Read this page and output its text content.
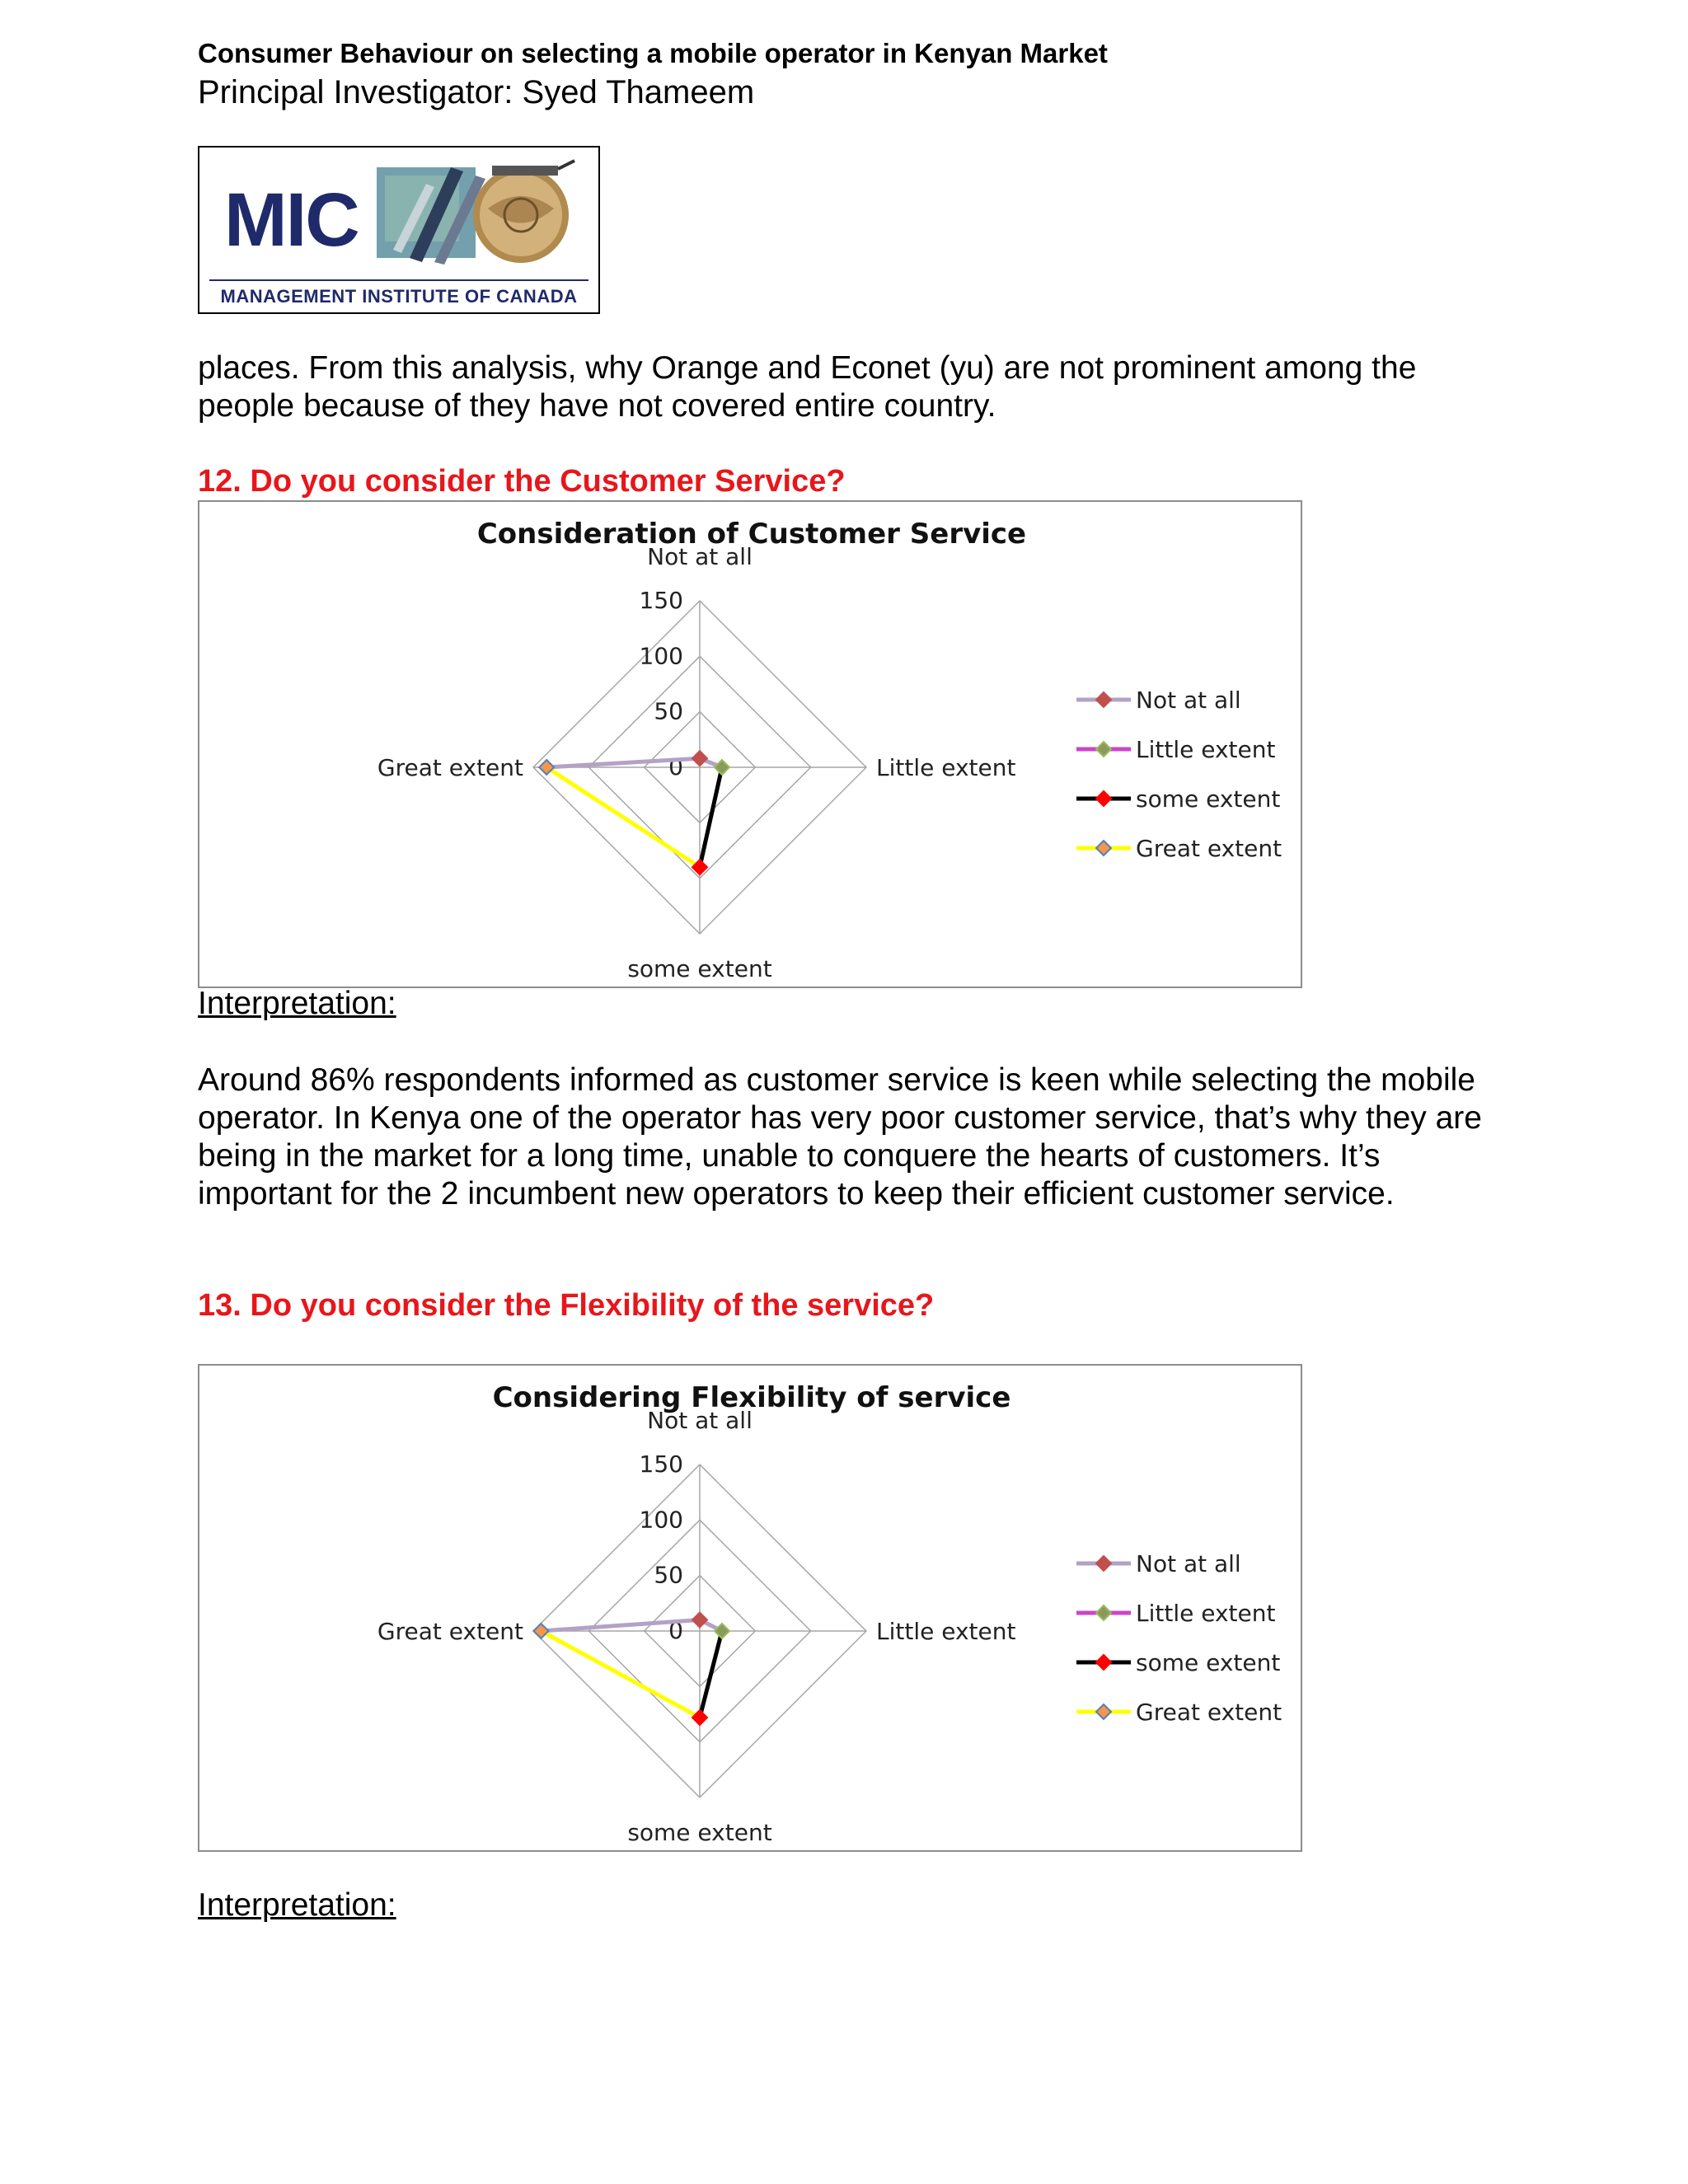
Consumer Behaviour on selecting a mobile operator in Kenyan Market
Principal Investigator: Syed Thameem
MIC
MANAGEMENT INSTITUTE OF CANADA
places. From this analysis, why Orange and Econet (yu) are not prominent among the people because of they have not covered entire country.
12. Do you consider the Customer Service?
Consideration of Customer Service
0
50
100
150
Not at all
Little extent
some extent
Great extent
Not at all
Little extent
some extent
Great extent
Interpretation:
Around 86% respondents informed as customer service is keen while selecting the mobile operator. In Kenya one of the operator has very poor customer service, that’s why they are being in the market for a long time, unable to conquere the hearts of customers. It’s important for the 2 incumbent new operators to keep their efficient customer service.
13. Do you consider the Flexibility of the service?
Considering Flexibility of service
0
50
100
150
Not at all
Little extent
some extent
Great extent
Not at all
Little extent
some extent
Great extent
Interpretation:
